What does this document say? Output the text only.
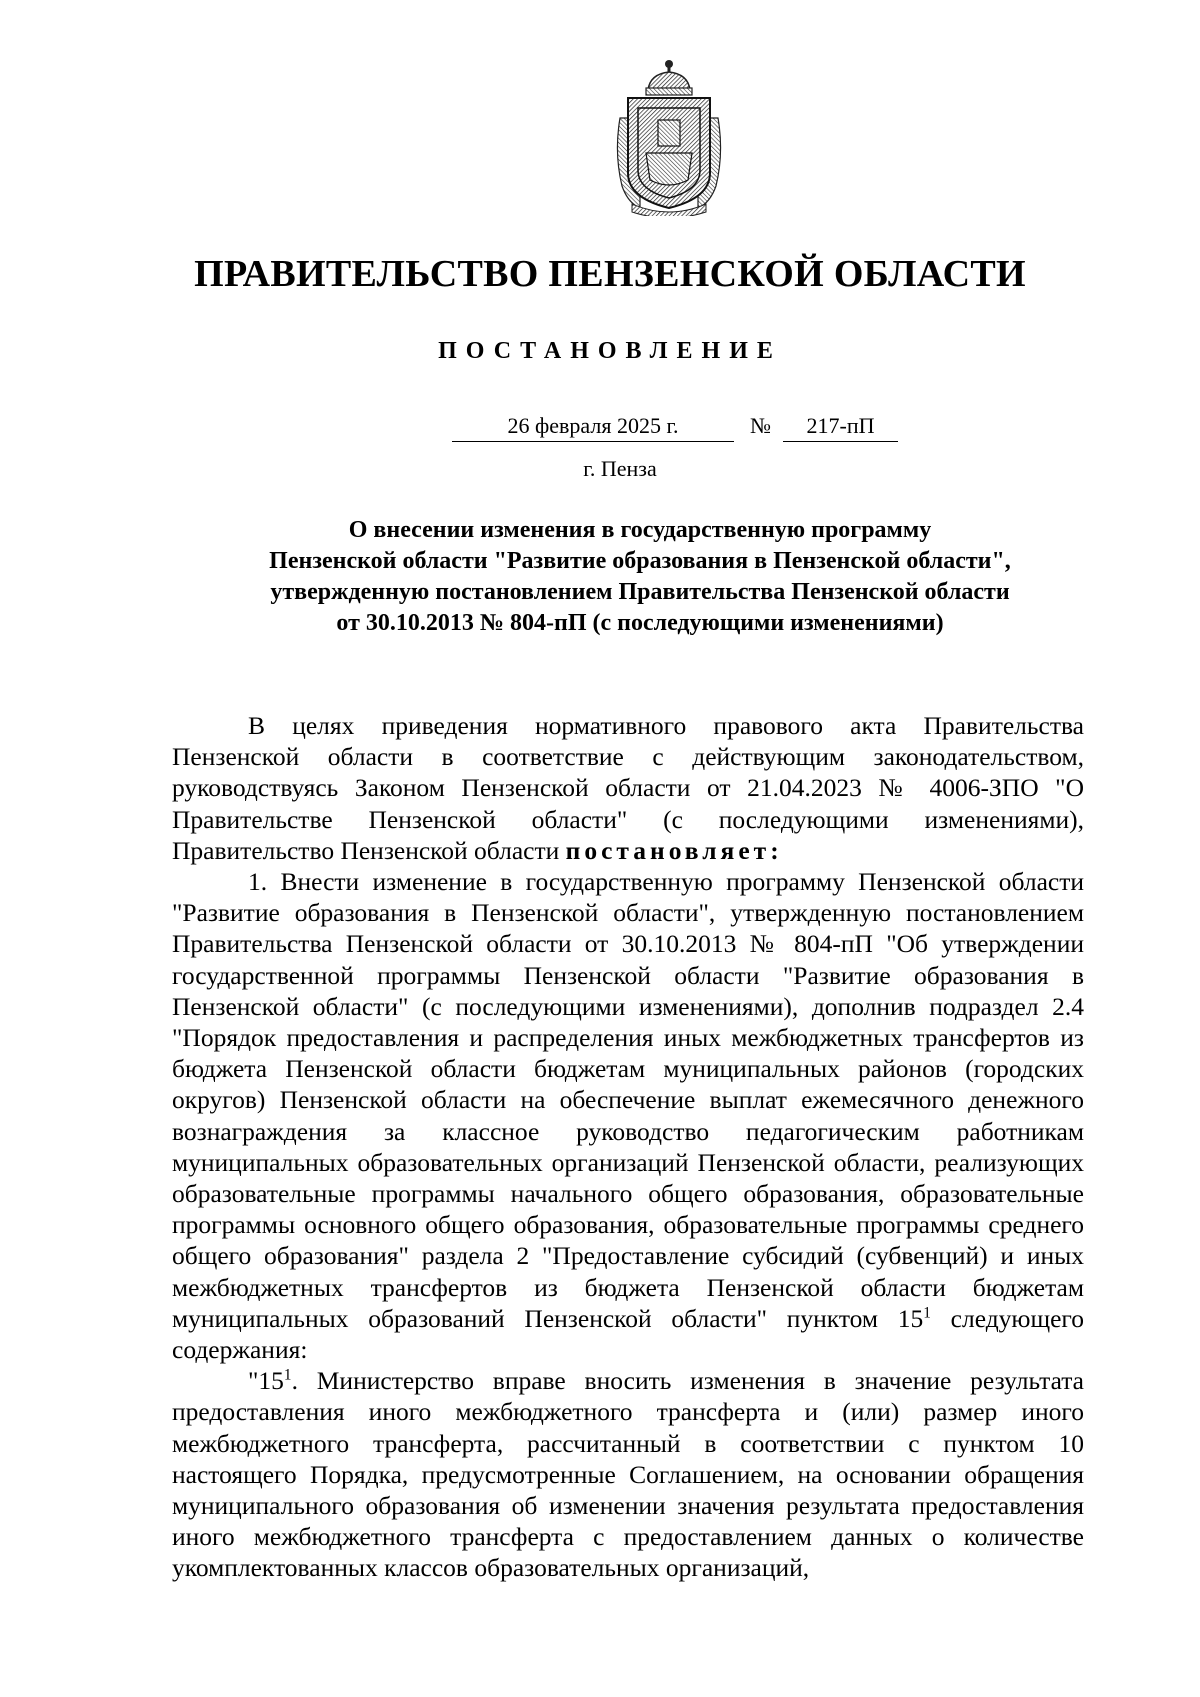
ПРАВИТЕЛЬСТВО ПЕНЗЕНСКОЙ ОБЛАСТИ
ПОСТАНОВЛЕНИЕ
26 февраля 2025 г.	№ 217-пП
г. Пенза
О внесении изменения в государственную программу
Пензенской области "Развитие образования в Пензенской области",
утвержденную постановлением Правительства Пензенской области
от 30.10.2013 № 804-пП (с последующими изменениями)

В целях приведения нормативного правового акта Правительства Пензенской области в соответствие с действующим законодательством, руководствуясь Законом Пензенской области от 21.04.2023 № 4006-ЗПО "О Правительстве Пензенской области" (с последующими изменениями), Правительство Пензенской области постановляет:

1. Внести изменение в государственную программу Пензенской области "Развитие образования в Пензенской области", утвержденную постановлением Правительства Пензенской области от 30.10.2013 № 804-пП "Об утверждении государственной программы Пензенской области "Развитие образования в Пензенской области" (с последующими изменениями), дополнив подраздел 2.4 "Порядок предоставления и распределения иных межбюджетных трансфертов из бюджета Пензенской области бюджетам муниципальных районов (городских округов) Пензенской области на обеспечение выплат ежемесячного денежного вознаграждения за классное руководство педагогическим работникам муниципальных образовательных организаций Пензенской области, реализующих образовательные программы начального общего образования, образовательные программы основного общего образования, образовательные программы среднего общего образования" раздела 2 "Предоставление субсидий (субвенций) и иных межбюджетных трансфертов из бюджета Пензенской области бюджетам муниципальных образований Пензенской области" пунктом $15^1$ следующего содержания:

"$15^1$. Министерство вправе вносить изменения в значение результата предоставления иного межбюджетного трансферта и (или) размер иного межбюджетного трансферта, рассчитанный в соответствии с пунктом 10 настоящего Порядка, предусмотренные Соглашением, на основании обращения муниципального образования об изменении значения результата предоставления иного межбюджетного трансферта с предоставлением данных о количестве укомплектованных классов образовательных организаций,
